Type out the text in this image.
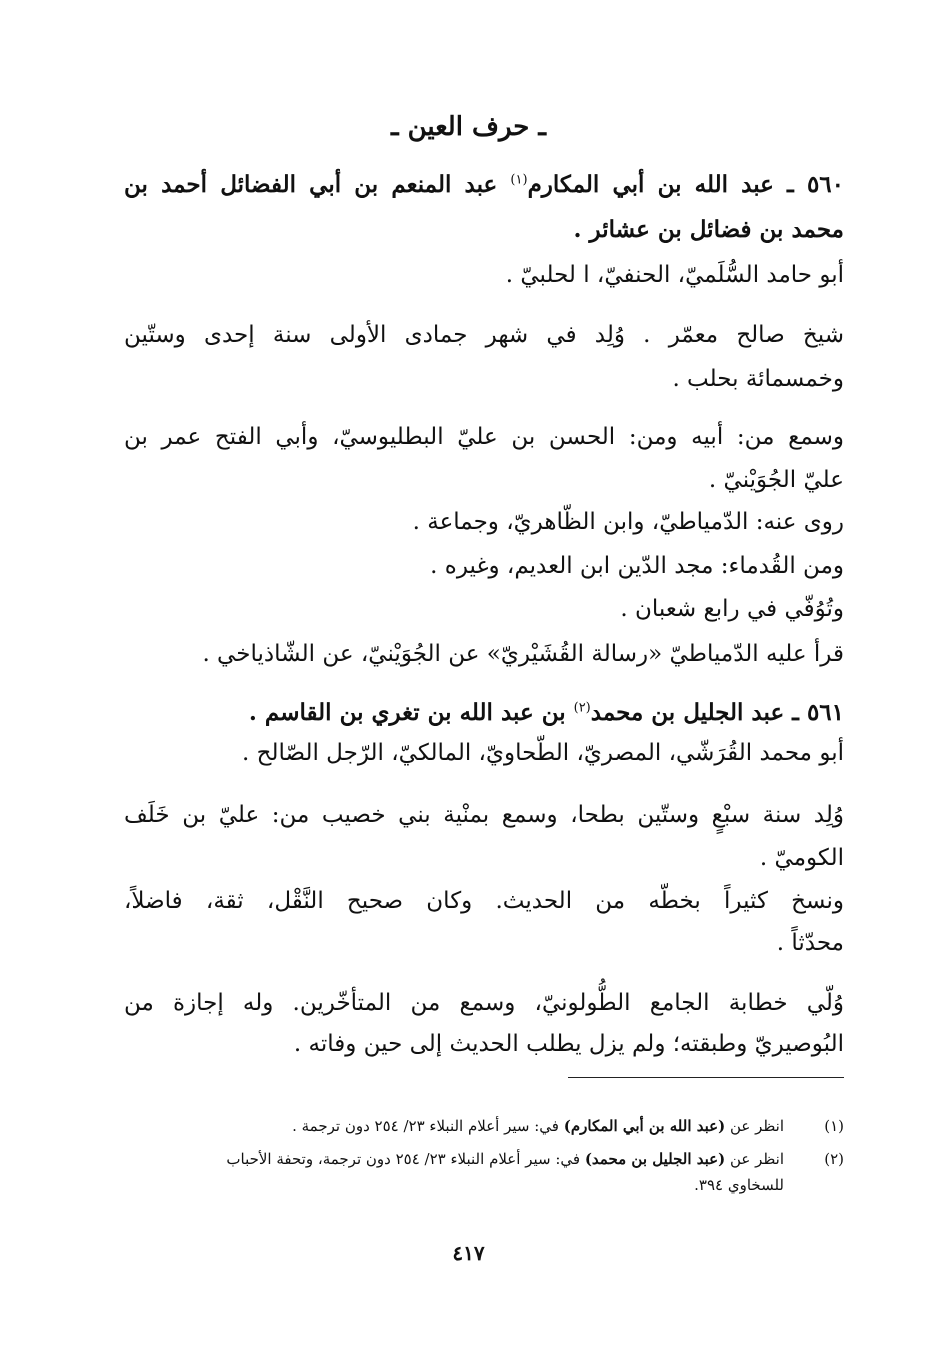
ـ حرف العين ـ
٥٦٠ ـ عبد الله بن أبي المكارم$^{(١)}$ عبد المنعم بن أبي الفضائل أحمد بن
محمد بن فضائل بن عشائر .
أبو حامد السُّلَميّ، الحنفيّ، ا لحلبيّ .
شيخ صالح معمّر . وُلِد في شهر جمادى الأولى سنة إحدى وستّين
وخمسمائة بحلب .
وسمع من: أبيه ومن: الحسن بن عليّ البطليوسيّ، وأبي الفتح عمر بن
عليّ الجُوَيْنيّ .
روى عنه: الدّمياطيّ، وابن الظّاهريّ، وجماعة .
ومن القُدماء: مجد الدّين ابن العديم، وغيره .
وتُوُفّي في رابع شعبان .
قرأ عليه الدّمياطيّ «رسالة القُشَيْريّ» عن الجُوَيْنيّ، عن الشّاذياخي .
٥٦١ ـ عبد الجليل بن محمد$^{(٢)}$ بن عبد الله بن تغري بن القاسم .
أبو محمد القُرَشّي، المصريّ، الطّحاويّ، المالكيّ، الرّجل الصّالح .
وُلِد سنة سبْعٍ وستّين بطحا، وسمع بمنْية بني خصيب من: عليّ بن خَلَف
الكوميّ .
ونسخ كثيراً بخطّه من الحديث. وكان صحيح النَّقْل، ثقة، فاضلاً،
محدّثاً .
وُلّي خطابة الجامع الطُّولونيّ، وسمع من المتأخّرين. وله إجازة من
البُوصيريّ وطبقته؛ ولم يزل يطلب الحديث إلى حين وفاته .
(١)انظر عن (عبد الله بن أبي المكارم) في: سير أعلام النبلاء ٢٣/ ٢٥٤ دون ترجمة .
(٢)انظر عن (عبد الجليل بن محمد) في: سير أعلام النبلاء ٢٣/ ٢٥٤ دون ترجمة، وتحفة الأحباب
للسخاوي ٣٩٤.
٤١٧
